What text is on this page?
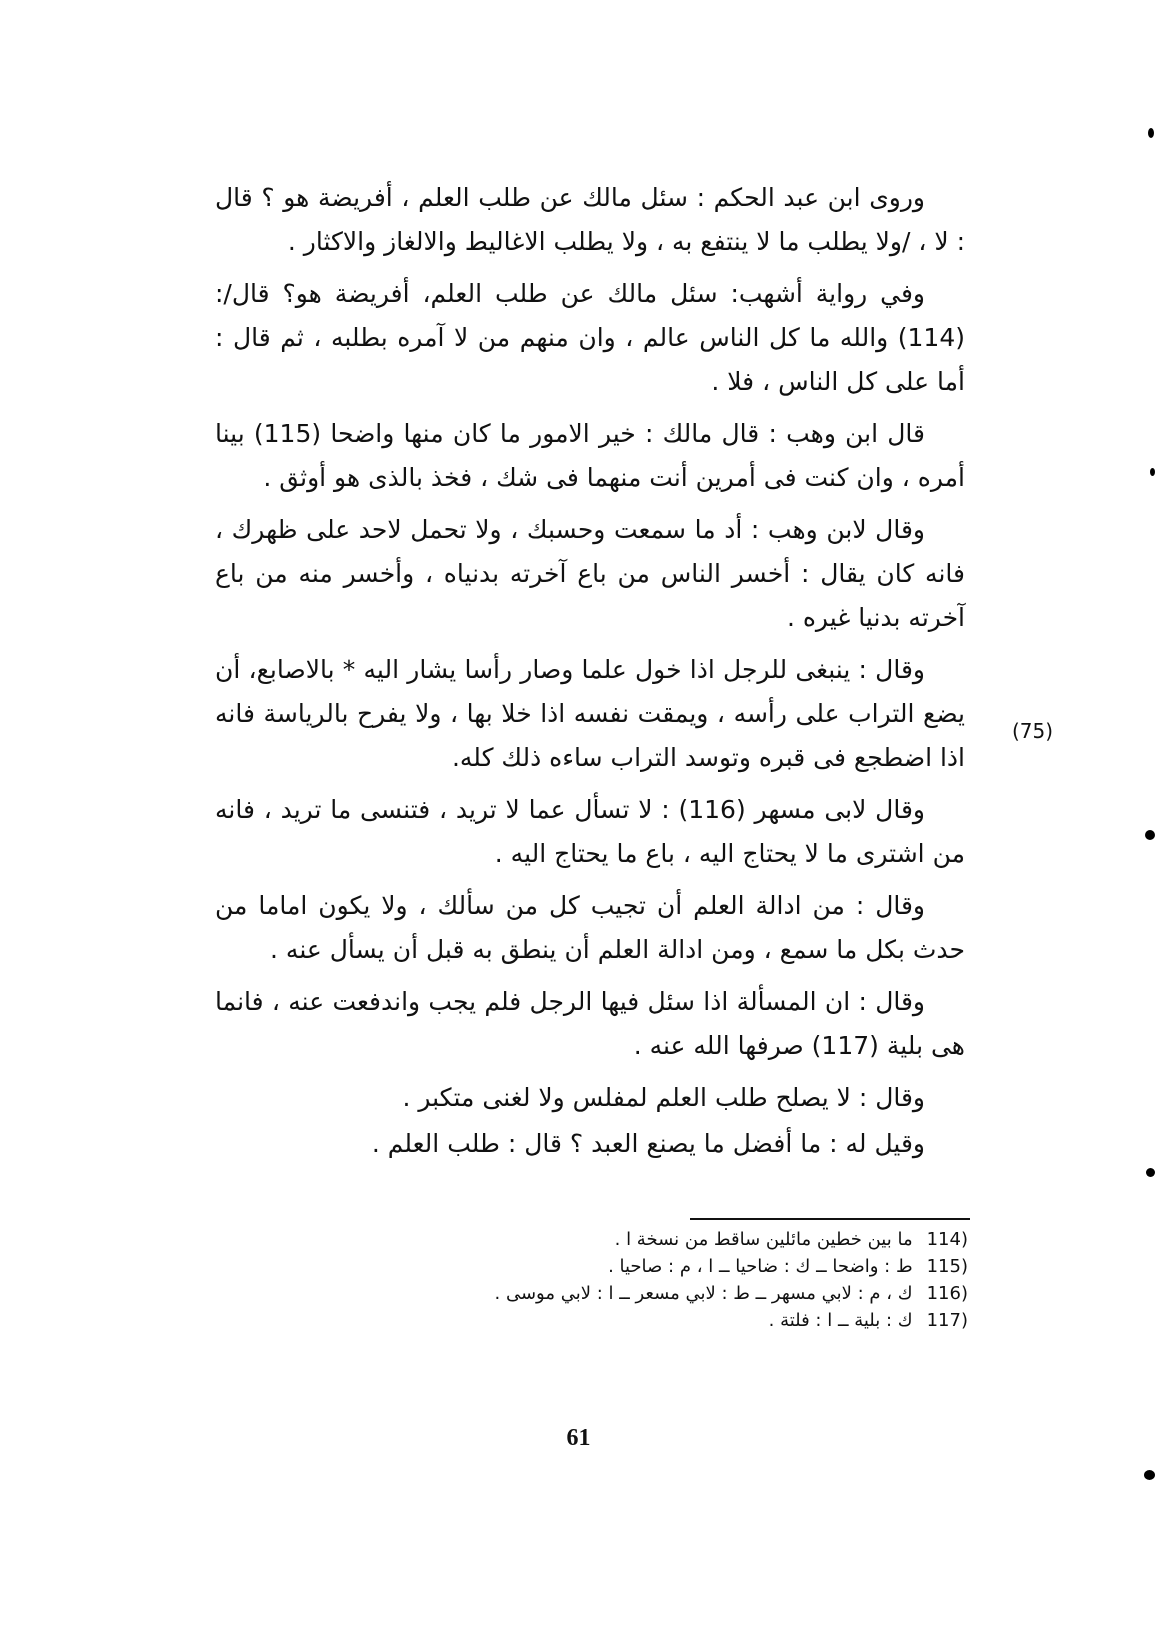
وروى ابن عبد الحكم : سئل مالك عن طلب العلم ، أفريضة هو ؟ قال : لا ، /ولا يطلب ما لا ينتفع به ، ولا يطلب الاغاليط والالغاز والاكثار .

وفي رواية أشهب: سئل مالك عن طلب العلم، أفريضة هو؟ قال/: (114) والله ما كل الناس عالم ، وان منهم من لا آمره بطلبه ، ثم قال : أما على كل الناس ، فلا .

قال ابن وهب : قال مالك : خير الامور ما كان منها واضحا (115) بينا أمره ، وان كنت فى أمرين أنت منهما فى شك ، فخذ بالذى هو أوثق .

وقال لابن وهب : أد ما سمعت وحسبك ، ولا تحمل لاحد على ظهرك ، فانه كان يقال : أخسر الناس من باع آخرته بدنياه ، وأخسر منه من باع آخرته بدنيا غيره .

وقال : ينبغى للرجل اذا خول علما وصار رأسا يشار اليه * بالاصابع، أن يضع التراب على رأسه ، ويمقت نفسه اذا خلا بها ، ولا يفرح بالرياسة فانه اذا اضطجع فى قبره وتوسد التراب ساءه ذلك كله.

وقال لابى مسهر (116) : لا تسأل عما لا تريد ، فتنسى ما تريد ، فانه من اشترى ما لا يحتاج اليه ، باع ما يحتاج اليه .

وقال : من ادالة العلم أن تجيب كل من سألك ، ولا يكون اماما من حدث بكل ما سمع ، ومن ادالة العلم أن ينطق به قبل أن يسأل عنه .

وقال : ان المسألة اذا سئل فيها الرجل فلم يجب واندفعت عنه ، فانما هى بلية (117) صرفها الله عنه .

وقال : لا يصلح طلب العلم لمفلس ولا لغنى متكبر .

وقيل له : ما أفضل ما يصنع العبد ؟ قال : طلب العلم .

(75)
114)
ما بين خطين مائلين ساقط من نسخة ا .
115)
ط : واضحا ــ ك : ضاحيا ــ ا ، م : صاحيا .
116)
ك ، م : لابي مسهر ــ ط : لابي مسعر ــ ا : لابي موسى .
117)
ك : بلية ــ ا : فلتة .
61
